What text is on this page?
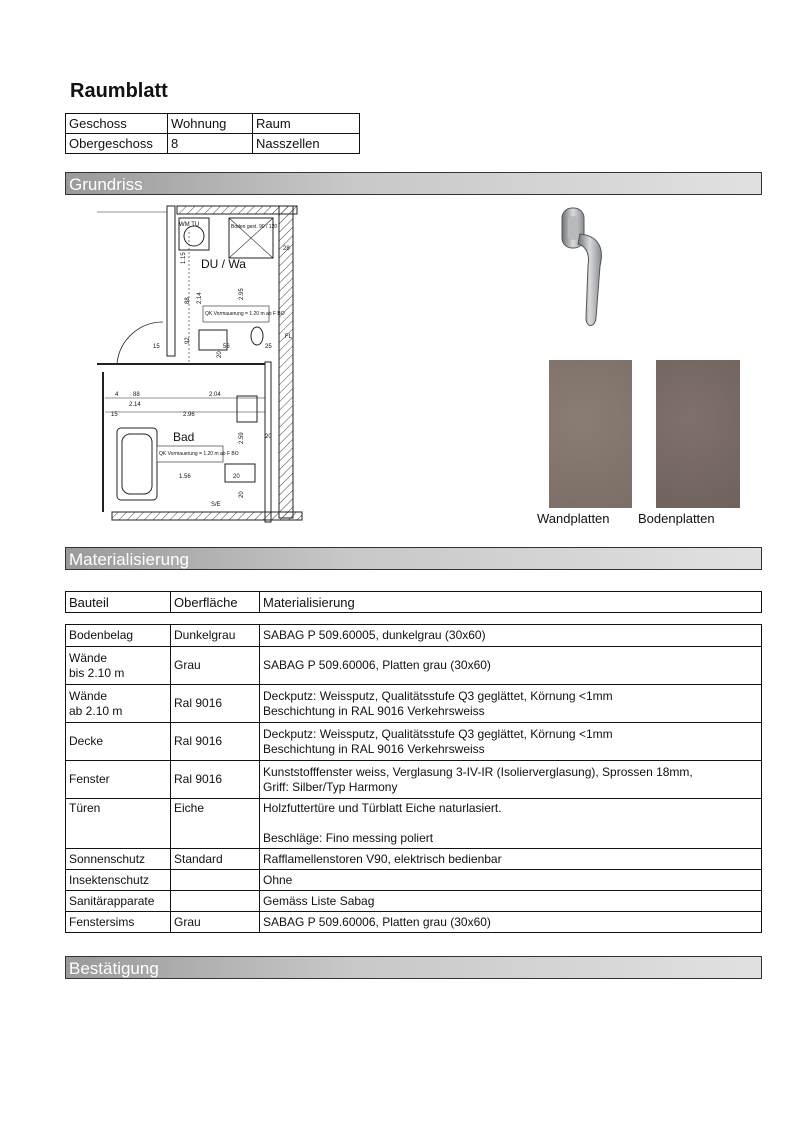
Raumblatt
Geschoss	Wohnung	Raum
Obergeschoss	8	Nasszellen
Grundriss
DU / Wa
Bad
WM TU	Boden gest. 90 / 120
QK Vormauerung = 1.20 m ab F BO
QK Vormauerung = 1.20 m ab F BO
1.15
2.14	2.95
88
92
56	25
20
15
4 88	2.04
2.14
2.96
15
2.59	20
20
1.56	20
FL
28
S/E
Wandplatten Bodenplatten
Materialisierung
Bauteil	Oberfläche	Materialisierung
Bodenbelag	Dunkelgrau	SABAG P 509.60005, dunkelgrau (30x60)
Wände
bis 2.10 m	Grau	SABAG P 509.60006, Platten grau (30x60)
Wände
ab 2.10 m	Ral 9016	Deckputz: Weissputz, Qualitätsstufe Q3 geglättet, Körnung <1mm
Beschichtung in RAL 9016 Verkehrsweiss
Decke	Ral 9016	Deckputz: Weissputz, Qualitätsstufe Q3 geglättet, Körnung <1mm
Beschichtung in RAL 9016 Verkehrsweiss
Fenster	Ral 9016	Kunststofffenster weiss, Verglasung 3-IV-IR (Isolierverglasung), Sprossen 18mm,
Griff: Silber/Typ Harmony
Türen	Eiche	Holzfuttertüre und Türblatt Eiche naturlasiert.

Beschläge: Fino messing poliert
Sonnenschutz	Standard	Rafflamellenstoren V90, elektrisch bedienbar
Insektenschutz		Ohne
Sanitärapparate		Gemäss Liste Sabag
Fenstersims	Grau	SABAG P 509.60006, Platten grau (30x60)
Bestätigung
